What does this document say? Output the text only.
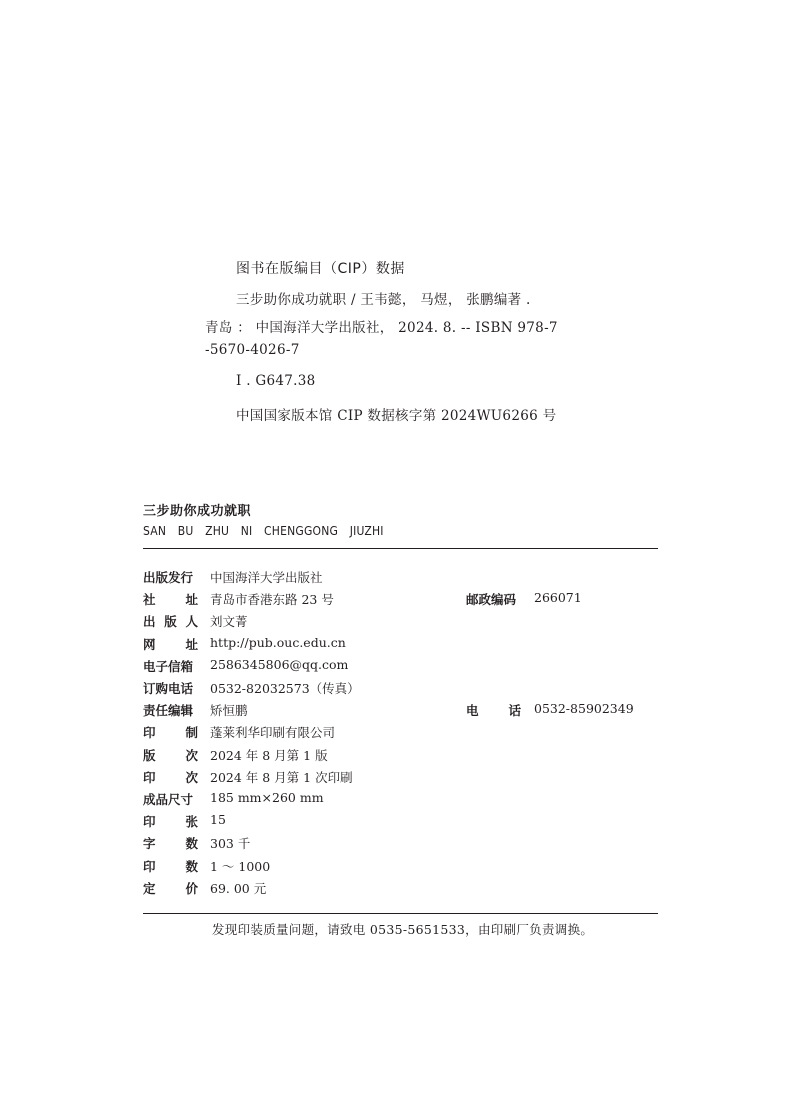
图书在版编目（CIP）数据
三步助你成功就职 / 王韦懿， 马煜， 张鹏编著 .
青岛 ： 中国海洋大学出版社， 2024. 8. -- ISBN 978-7
-5670-4026-7
Ⅰ . G647.38
中国国家版本馆 CIP 数据核字第 2024WU6266 号
三步助你成功就职
SAN BU ZHU NI CHENGGONG JIUZHI
出版发行	中国海洋大学出版社
社 址 青岛市香港东路 23 号	邮政编码	266071
出 版 人 刘文菁
网 址 http://pub.ouc.edu.cn
电子信箱	2586345806@qq.com
订购电话	0532-82032573（传真）
责任编辑	矫恒鹏	电 话 0532-85902349
印 制 蓬莱利华印刷有限公司
版 次 2024 年 8 月第 1 版
印 次 2024 年 8 月第 1 次印刷
成品尺寸	185 mm×260 mm
印 张 15
字 数 303 千
印 数 1 ～ 1000
定 价 69. 00 元
发现印装质量问题，请致电 0535-5651533，由印刷厂负责调换。
